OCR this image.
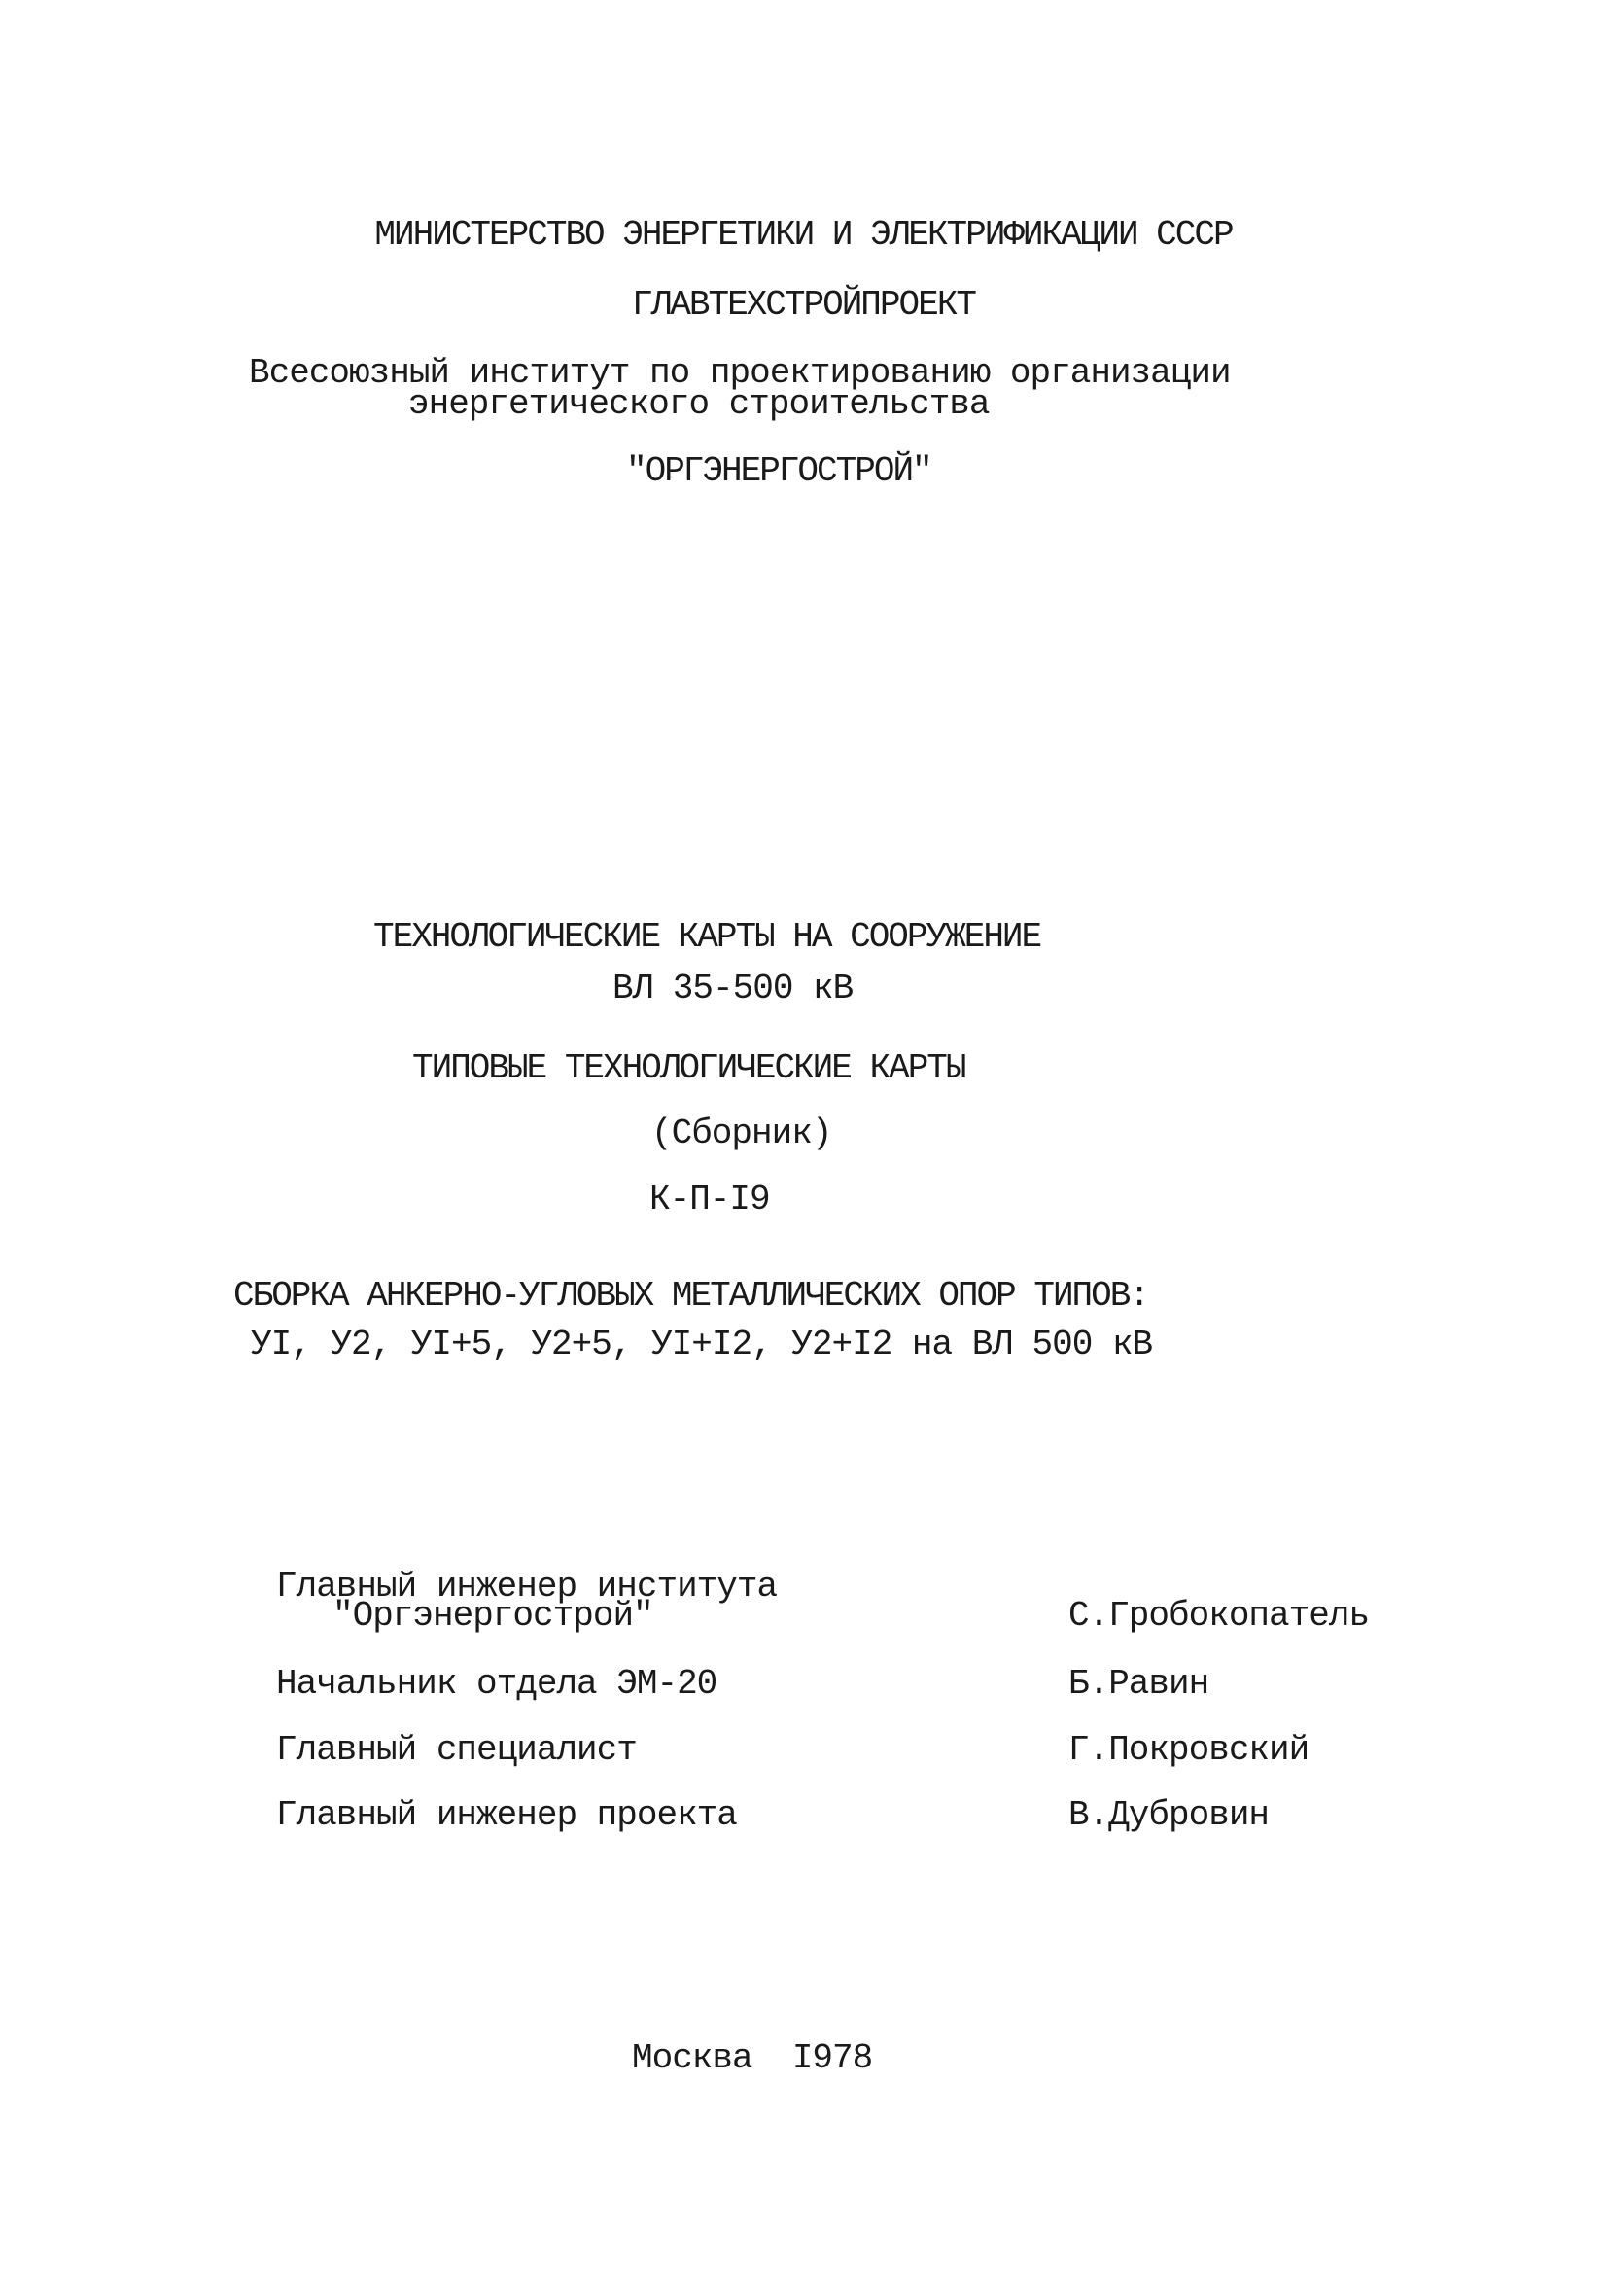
МИНИСТЕРСТВО ЭНЕРГЕТИКИ И ЭЛЕКТРИФИКАЦИИ СССР
ГЛАВТЕХСТРОЙПРОЕКТ
Всесоюзный институт по проектированию организации
энергетического строительства
"ОРГЭНЕРГОСТРОЙ"
ТЕХНОЛОГИЧЕСКИЕ КАРТЫ НА СООРУЖЕНИЕ
ВЛ 35-500 кВ
ТИПОВЫЕ ТЕХНОЛОГИЧЕСКИЕ КАРТЫ
(Сборник)
К-П-I9
СБОРКА АНКЕРНО-УГЛОВЫХ МЕТАЛЛИЧЕСКИХ ОПОР ТИПОВ:
УI, У2, УI+5, У2+5, УI+I2, У2+I2 на ВЛ 500 кВ
Главный инженер института
"Оргэнергострой"	С.Гробокопатель
Начальник отдела ЭМ-20	Б.Равин
Главный специалист	Г.Покровский
Главный инженер проекта	В.Дубровин
Москва  I978
